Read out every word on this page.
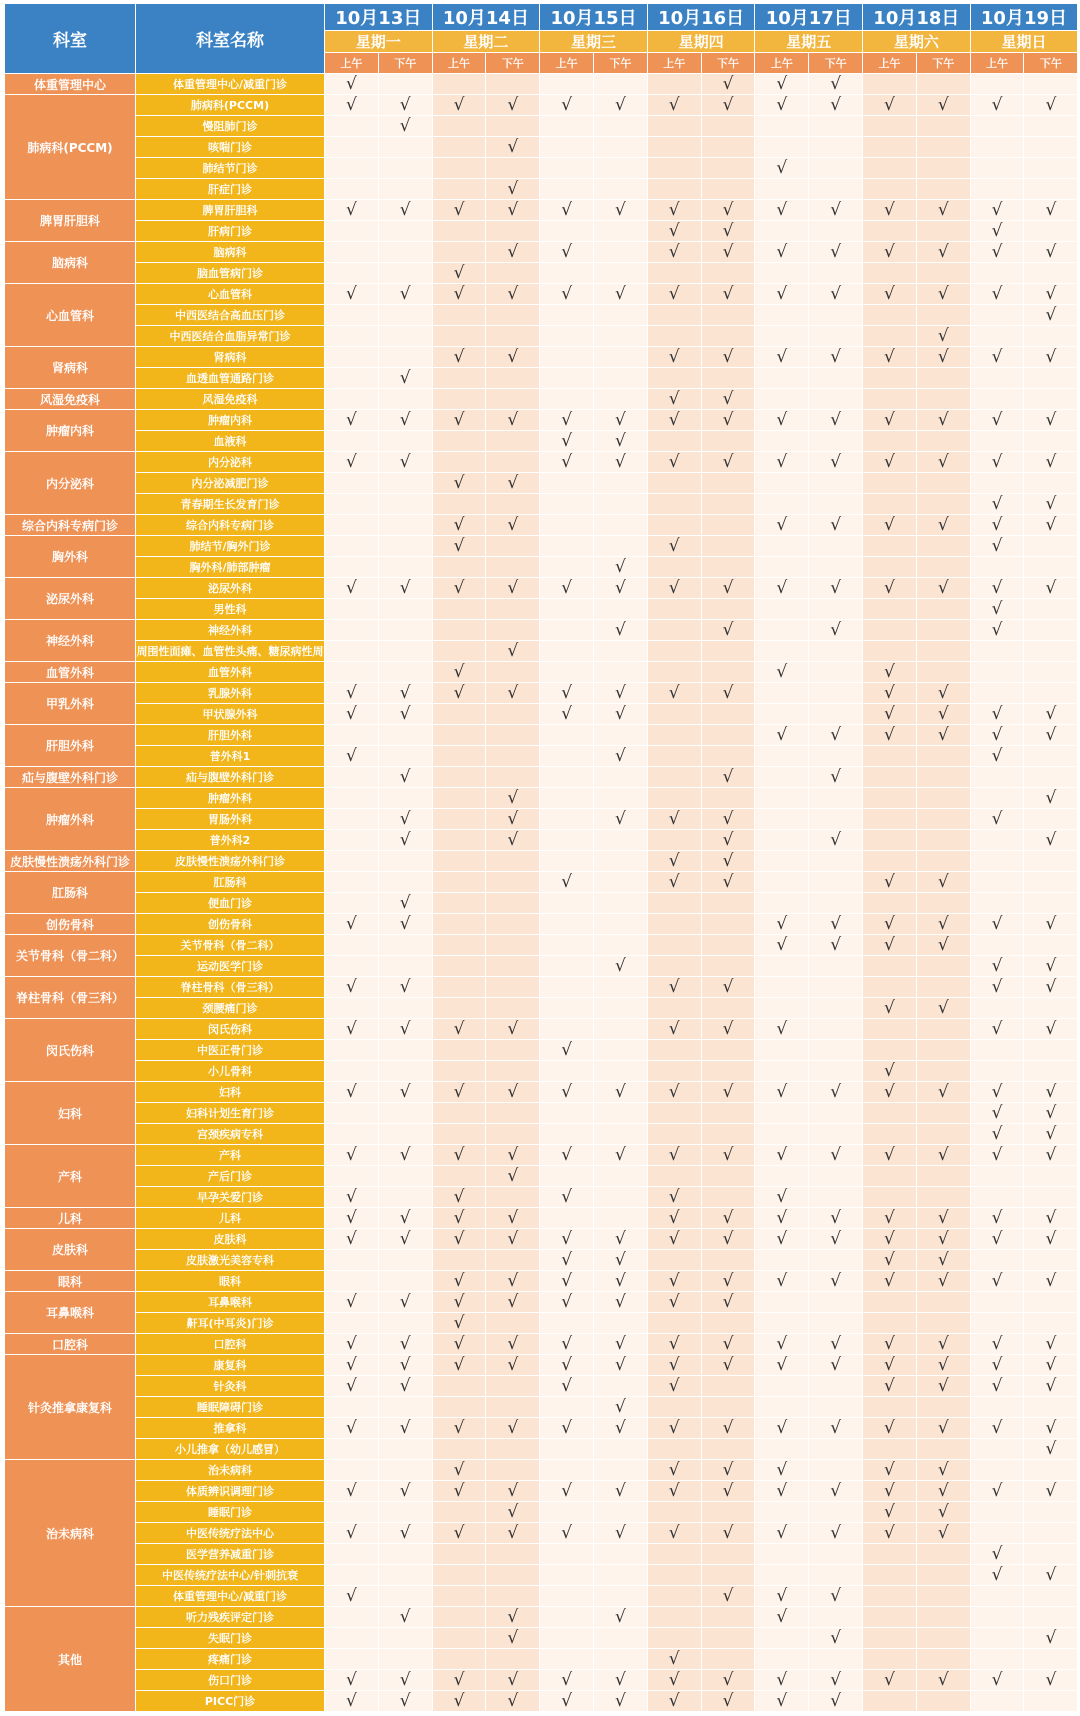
科室	科室名称	10月13日		10月14日		10月15日		10月16日		10月17日		10月18日		10月19日	
		星期一		星期二		星期三		星期四		星期五		星期六		星期日	
		上午	下午	上午	下午	上午	下午	上午	下午	上午	下午	上午	下午	上午	下午
体重管理中心	体重管理中心/减重门诊	√							√	√	√				
肺病科(PCCM)	肺病科(PCCM)	√	√	√	√	√	√	√	√	√	√	√	√	√	√
	慢阻肺门诊		√												
	咳喘门诊				√										
	肺结节门诊									√					
	肝症门诊				√										
脾胃肝胆科	脾胃肝胆科	√	√	√	√	√	√	√	√	√	√	√	√	√	√
	肝病门诊							√	√					√	
脑病科	脑病科				√	√		√	√	√	√	√	√	√	√
	脑血管病门诊			√											
心血管科	心血管科	√	√	√	√	√	√	√	√	√	√	√	√	√	√
	中西医结合高血压门诊														√
	中西医结合血脂异常门诊												√		
肾病科	肾病科			√	√			√	√	√	√	√	√	√	√
	血透血管通路门诊		√												
风湿免疫科	风湿免疫科							√	√						
肿瘤内科	肿瘤内科	√	√	√	√	√	√	√	√	√	√	√	√	√	√
	血液科					√	√								
内分泌科	内分泌科	√	√			√	√	√	√	√	√	√	√	√	√
	内分泌减肥门诊			√	√										
	青春期生长发育门诊													√	√
综合内科专病门诊	综合内科专病门诊			√	√					√	√	√	√	√	√
胸外科	肺结节/胸外门诊			√				√						√	
	胸外科/肺部肿瘤						√								
泌尿外科	泌尿外科	√	√	√	√	√	√	√	√	√	√	√	√	√	√
	男性科													√	
神经外科	神经外科						√		√		√			√	
	周围性面瘫、血管性头痛、糖尿病性周				√										
血管外科	血管外科			√						√		√			
甲乳外科	乳腺外科	√	√	√	√	√	√	√	√			√	√		
	甲状腺外科	√	√			√	√					√	√	√	√
肝胆外科	肝胆外科									√	√	√	√	√	√
	普外科1	√					√							√	
疝与腹壁外科门诊	疝与腹壁外科门诊		√						√		√				
肿瘤外科	肿瘤外科				√										√
	胃肠外科		√		√		√	√	√					√	
	普外科2		√		√				√		√				√
皮肤慢性溃疡外科门诊	皮肤慢性溃疡外科门诊							√	√						
肛肠科	肛肠科					√		√	√			√	√		
	便血门诊		√												
创伤骨科	创伤骨科	√	√							√	√	√	√	√	√
关节骨科（骨二科）	关节骨科（骨二科）									√	√	√	√		
	运动医学门诊						√							√	√
脊柱骨科（骨三科）	脊柱骨科（骨三科）	√	√					√	√					√	√
	颈腰痛门诊											√	√		
闵氏伤科	闵氏伤科	√	√	√	√			√	√	√				√	√
	中医正骨门诊					√									
	小儿骨科											√			
妇科	妇科	√	√	√	√	√	√	√	√	√	√	√	√	√	√
	妇科计划生育门诊													√	√
	宫颈疾病专科													√	√
产科	产科	√	√	√	√	√	√	√	√	√	√	√	√	√	√
	产后门诊				√										
	早孕关爱门诊	√		√		√		√		√					
儿科	儿科	√	√	√	√			√	√	√	√	√	√	√	√
皮肤科	皮肤科	√	√	√	√	√	√	√	√	√	√	√	√	√	√
	皮肤激光美容专科					√	√					√	√		
眼科	眼科			√	√	√	√	√	√	√	√	√	√	√	√
耳鼻喉科	耳鼻喉科	√	√	√	√	√	√	√	√						
	鼾耳(中耳炎)门诊			√											
口腔科	口腔科	√	√	√	√	√	√	√	√	√	√	√	√	√	√
针灸推拿康复科	康复科	√	√	√	√	√	√	√	√	√	√	√	√	√	√
	针灸科	√	√			√		√				√	√	√	√
	睡眠障碍门诊						√								
	推拿科	√	√	√	√	√	√	√	√	√	√	√	√	√	√
	小儿推拿（幼儿感冒）														√
治未病科	治未病科			√				√	√	√		√	√		
	体质辨识调理门诊	√	√	√	√	√	√	√	√	√	√	√	√	√	√
	睡眠门诊				√							√	√		
	中医传统疗法中心	√	√	√	√	√	√	√	√	√	√	√	√		
	医学营养减重门诊													√	
	中医传统疗法中心/针刺抗衰													√	√
	体重管理中心/减重门诊	√							√	√	√				
其他	听力残疾评定门诊		√		√		√			√					
	失眠门诊				√						√				√
	疼痛门诊							√							
	伤口门诊	√	√	√	√	√	√	√	√	√	√	√	√	√	√
	PICC门诊	√	√	√	√	√	√	√	√	√	√				
